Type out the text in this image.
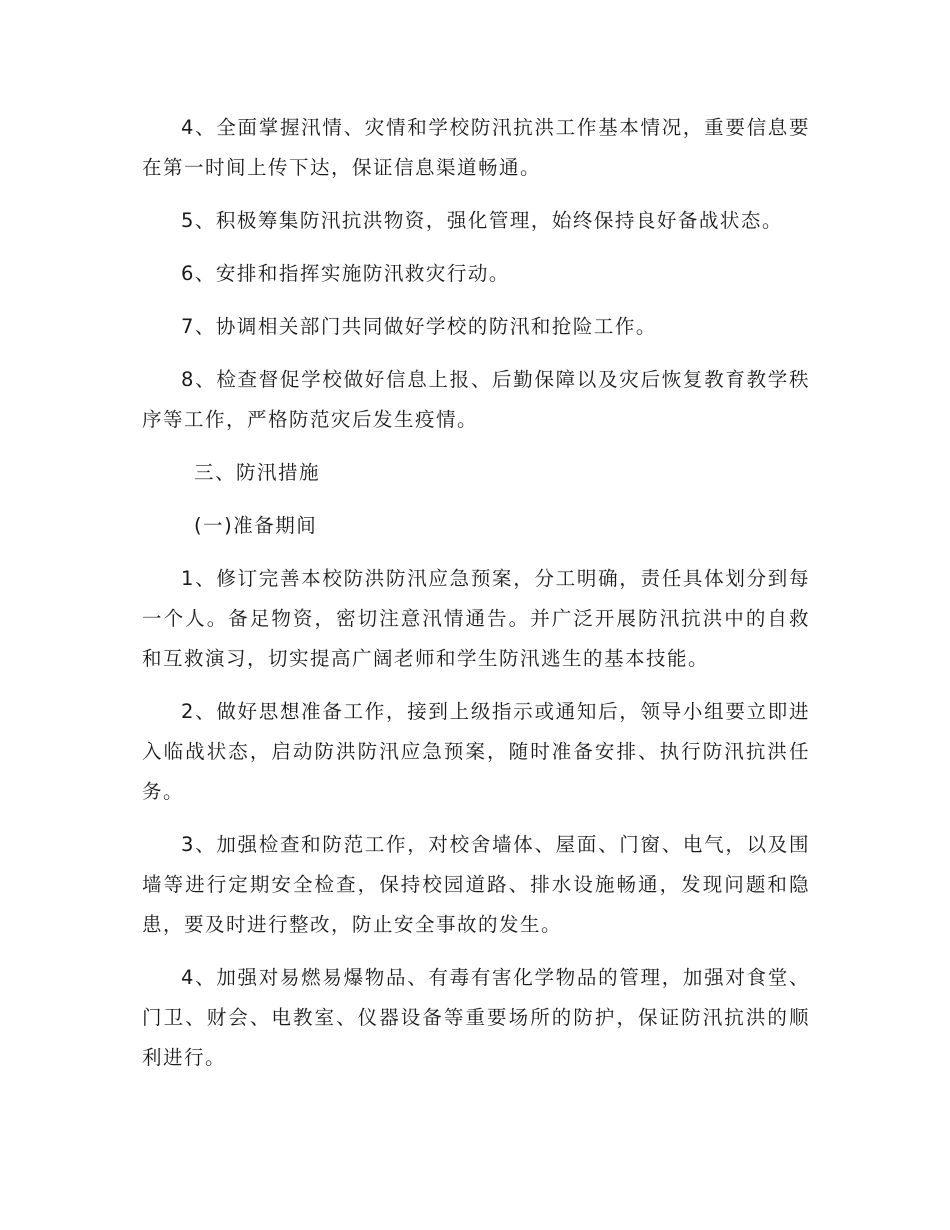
4、全面掌握汛情、灾情和学校防汛抗洪工作基本情况，重要信息要在第一时间上传下达，保证信息渠道畅通。

5、积极筹集防汛抗洪物资，强化管理，始终保持良好备战状态。

6、安排和指挥实施防汛救灾行动。

7、协调相关部门共同做好学校的防汛和抢险工作。

8、检查督促学校做好信息上报、后勤保障以及灾后恢复教育教学秩序等工作，严格防范灾后发生疫情。

三、防汛措施

(一)准备期间

1、修订完善本校防洪防汛应急预案，分工明确，责任具体划分到每一个人。备足物资，密切注意汛情通告。并广泛开展防汛抗洪中的自救和互救演习，切实提高广阔老师和学生防汛逃生的基本技能。

2、做好思想准备工作，接到上级指示或通知后，领导小组要立即进入临战状态，启动防洪防汛应急预案，随时准备安排、执行防汛抗洪任务。

3、加强检查和防范工作，对校舍墙体、屋面、门窗、电气，以及围墙等进行定期安全检查，保持校园道路、排水设施畅通，发现问题和隐患，要及时进行整改，防止安全事故的发生。

4、加强对易燃易爆物品、有毒有害化学物品的管理，加强对食堂、门卫、财会、电教室、仪器设备等重要场所的防护，保证防汛抗洪的顺利进行。
